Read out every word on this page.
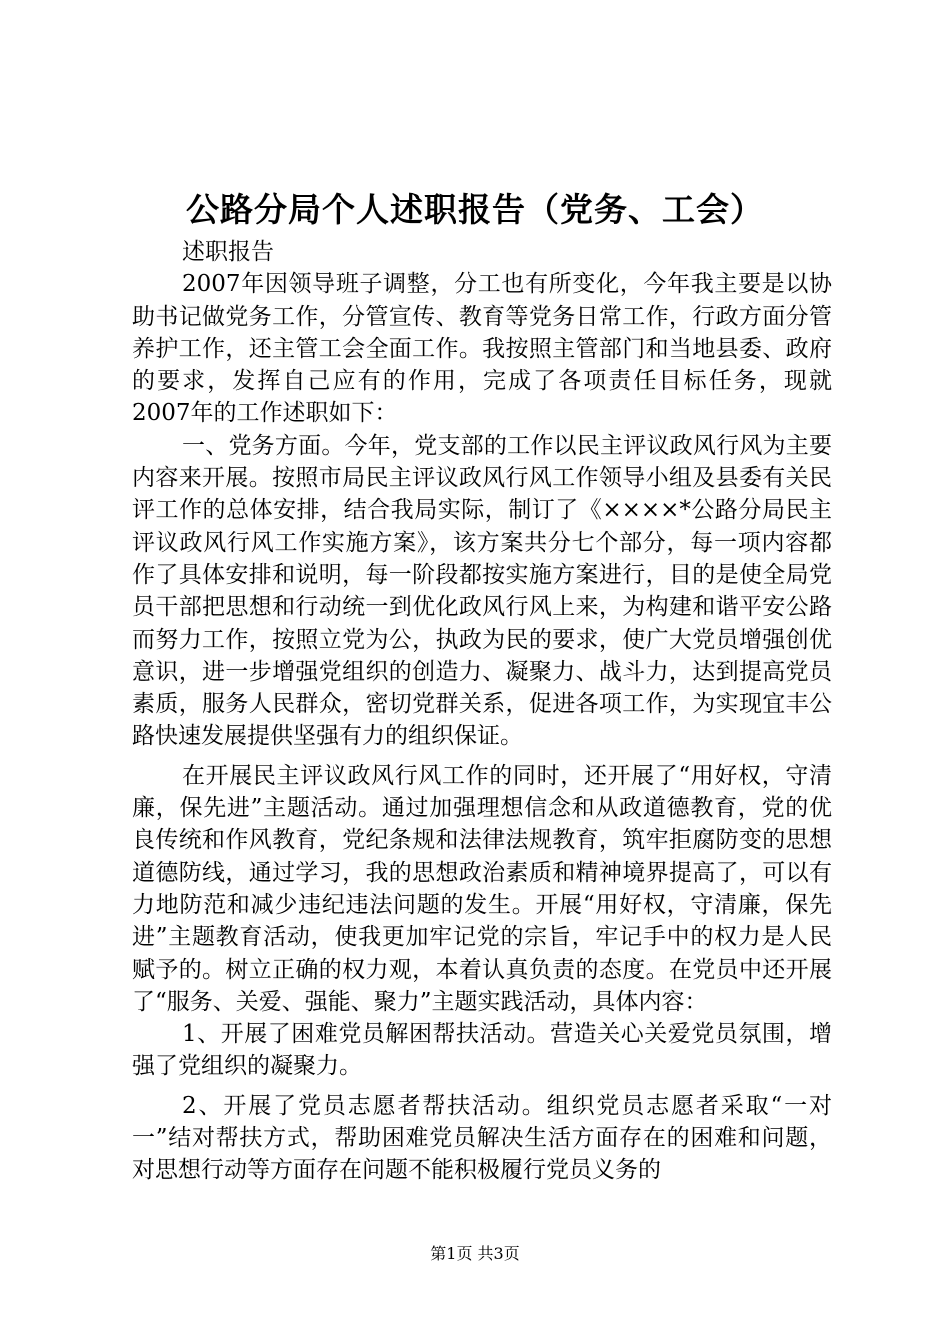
公路分局个人述职报告（党务、工会）

述职报告

2007年因领导班子调整，分工也有所变化，今年我主要是以协助书记做党务工作，分管宣传、教育等党务日常工作，行政方面分管养护工作，还主管工会全面工作。我按照主管部门和当地县委、政府的要求，发挥自己应有的作用，完成了各项责任目标任务，现就2007年的工作述职如下：

一、党务方面。今年，党支部的工作以民主评议政风行风为主要内容来开展。按照市局民主评议政风行风工作领导小组及县委有关民评工作的总体安排，结合我局实际，制订了《××××*公路分局民主评议政风行风工作实施方案》，该方案共分七个部分，每一项内容都作了具体安排和说明，每一阶段都按实施方案进行，目的是使全局党员干部把思想和行动统一到优化政风行风上来，为构建和谐平安公路而努力工作，按照立党为公，执政为民的要求，使广大党员增强创优意识，进一步增强党组织的创造力、凝聚力、战斗力，达到提高党员素质，服务人民群众，密切党群关系，促进各项工作，为实现宜丰公路快速发展提供坚强有力的组织保证。

在开展民主评议政风行风工作的同时，还开展了“用好权，守清廉，保先进”主题活动。通过加强理想信念和从政道德教育，党的优良传统和作风教育，党纪条规和法律法规教育，筑牢拒腐防变的思想道德防线，通过学习，我的思想政治素质和精神境界提高了，可以有力地防范和减少违纪违法问题的发生。开展“用好权，守清廉，保先进”主题教育活动，使我更加牢记党的宗旨，牢记手中的权力是人民赋予的。树立正确的权力观，本着认真负责的态度。在党员中还开展了“服务、关爱、强能、聚力”主题实践活动，具体内容：

1、开展了困难党员解困帮扶活动。营造关心关爱党员氛围，增强了党组织的凝聚力。

2、开展了党员志愿者帮扶活动。组织党员志愿者采取“一对一”结对帮扶方式，帮助困难党员解决生活方面存在的困难和问题，对思想行动等方面存在问题不能积极履行党员义务的

第1页 共3页
